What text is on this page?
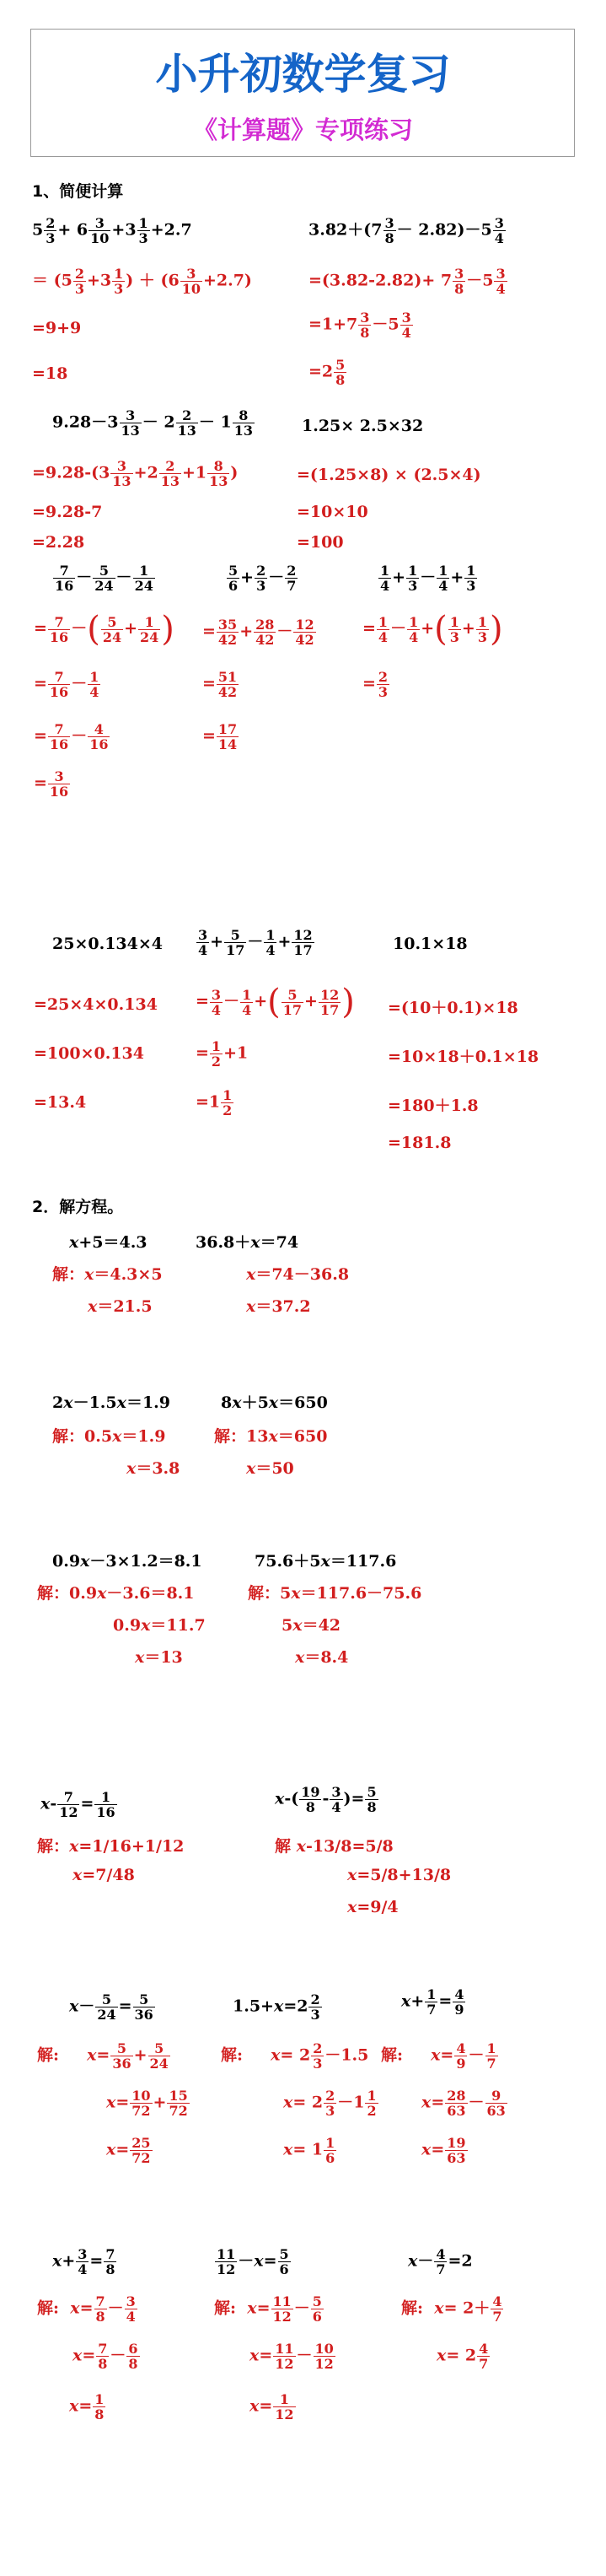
小升初数学复习
《计算题》专项练习
1、简便计算
$5 \frac{2}{3} + 6 \frac{3}{10} +3 \frac{1}{3} +2.7$
＝ ($5 \frac{2}{3} +3 \frac{1}{3}$ ) ＋ $(6 \frac{3}{10} +2.7)$
=9+9
=18
$3.82+(7 \frac{3}{8} - 2.82)-5 \frac{3}{4}$
$=(3.82-2.82)+ 7 \frac{3}{8} -5 \frac{3}{4}$
$=1+7 \frac{3}{8} -5 \frac{3}{4}$
$=2 \frac{5}{8}$
$9.28-3 \frac{3}{13} - 2 \frac{2}{13} - 1 \frac{8}{13}$
$=9.28-(3 \frac{3}{13} +2 \frac{2}{13} +1 \frac{8}{13}$ )
=9.28-7
=2.28
1.25× 2.5×32
=(1.25×8) × (2.5×4)
=10×10
=100
$\frac{7}{16} - \frac{5}{24} - \frac{1}{24}$
= $\frac{7}{16}$ －( $\frac{5}{24} + \frac{1}{24}$ )
= $\frac{7}{16} - \frac{1}{4}$
= $\frac{7}{16} - \frac{4}{16}$
= $\frac{3}{16}$
$\frac{5}{6} + \frac{2}{3} - \frac{2}{7}$
= $\frac{35}{42} + \frac{28}{42} - \frac{12}{42}$
= $\frac{51}{42}$
= $\frac{17}{14}$
$\frac{1}{4} + \frac{1}{3} - \frac{1}{4} + \frac{1}{3}$
= $\frac{1}{4} - \frac{1}{4}$ +( $\frac{1}{3} + \frac{1}{3}$ )
= $\frac{2}{3}$
25×0.134×4
=25×4×0.134
=100×0.134
=13.4
$\frac{3}{4} + \frac{5}{17} - \frac{1}{4} + \frac{12}{17}$
= $\frac{3}{4} - \frac{1}{4}$ +( $\frac{5}{17} + \frac{12}{17}$ )
= $\frac{1}{2} +1$
$=1 \frac{1}{2}$
10.1×18
=(10＋0.1)×18
=10×18＋0.1×18
=180＋1.8
=181.8
2．解方程。
x+5＝4.3
解：x＝4.3×5
x＝21.5
36.8＋x＝74
x＝74－36.8
x＝37.2
2x－1.5x＝1.9
解：0.5x＝1.9
x＝3.8
8x＋5x＝650
解：13x＝650
x＝50
0.9x－3×1.2＝8.1
解：0.9x－3.6＝8.1
0.9x＝11.7
x＝13
75.6＋5x＝117.6
解：5x＝117.6－75.6
5x＝42
x＝8.4
$x- \frac{7}{12} = \frac{1}{16}$
解：x=1/16+1/12
x=7/48
$x-( \frac{19}{8} - \frac{3}{4}$ )= $\frac{5}{8}$
解 x-13/8=5/8
x=5/8+13/8
x=9/4
$x- \frac{5}{24} = \frac{5}{36}$
解: $x= \frac{5}{36} + \frac{5}{24}$
$x= \frac{10}{72} + \frac{15}{72}$
$x= \frac{25}{72}$
$1.5+x=2 \frac{2}{3}$
解: $x= 2 \frac{2}{3} -1.5$
$x= 2 \frac{2}{3} -1 \frac{1}{2}$
$x= 1 \frac{1}{6}$
$x+ \frac{1}{7} = \frac{4}{9}$
解: $x= \frac{4}{9} - \frac{1}{7}$
$x= \frac{28}{63} - \frac{9}{63}$
$x= \frac{19}{63}$
$x+ \frac{3}{4} = \frac{7}{8}$
解: $x= \frac{7}{8} - \frac{3}{4}$
$x= \frac{7}{8} - \frac{6}{8}$
$x= \frac{1}{8}$
$\frac{11}{12} -x= \frac{5}{6}$
解: $x= \frac{11}{12} - \frac{5}{6}$
$x= \frac{11}{12} - \frac{10}{12}$
$x= \frac{1}{12}$
$x- \frac{4}{7} =2$
解: $x= 2+ \frac{4}{7}$
$x= 2 \frac{4}{7}$
